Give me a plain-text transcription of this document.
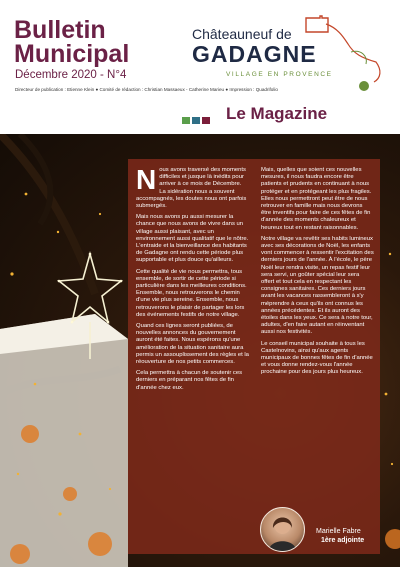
Bulletin
Municipal
Décembre 2020 - N°4
Directeur de publication : Etienne Klein ● Comité de rédaction : Christian Massaeux - Catherine Marieu ● Impression : Quadrifolio
Châteauneuf de
GADAGNE
VILLAGE EN PROVENCE
Le Magazine

Nous avons traversé des moments difficiles et jusque là inédits pour arriver à ce mois de Décembre. La sidération nous a souvent accompagnés, les doutes nous ont parfois submergés.

Mais nous avons pu aussi mesurer la chance que nous avons de vivre dans un village aussi plaisant, avec un environnement aussi qualitatif que le nôtre. L'entraide et la bienveillance des habitants de Gadagne ont rendu cette période plus supportable et plus douce qu'ailleurs.

Cette qualité de vie nous permettra, tous ensemble, de sortir de cette période si particulière dans les meilleures conditions. Ensemble, nous retrouverons le chemin d'une vie plus sereine. Ensemble, nous retrouverons le plaisir de partager les lors des événements festifs de notre village.

Quand ces lignes seront publiées, de nouvelles annonces du gouvernement auront été faites. Nous espérons qu'une amélioration de la situation sanitaire aura permis un assouplissement des règles et la réouverture de nos petits commerces.

Cela permettra à chacun de soutenir ces derniers en préparant nos fêtes de fin d'année chez eux.

Mais, quelles que soient ces nouvelles mesures, il nous faudra encore être patients et prudents en continuant à nous protéger et en protégeant les plus fragiles. Elles nous permettront peut être de nous retrouver en famille mais nous devrons être inventifs pour faire de ces fêtes de fin d'année des moments chaleureux et heureux tout en restant raisonnables.

Notre village va revêtir ses habits lumineux avec ses décorations de Noël, les enfants vont commencer à ressentir l'excitation des derniers jours de l'année. À l'école, le père Noël leur rendra visite, un repas festif leur sera servi, un goûter spécial leur sera offert et tout cela en respectant les consignes sanitaires. Ces derniers jours avant les vacances rassembleront à s'y méprendre à ceux qu'ils ont connus les années précédentes. Et ils auront des étoiles dans les yeux. Ce sera à notre tour, adultes, d'en faire autant en réinventant aussi nos festivités.

Le conseil municipal souhaite à tous les Castelnovins, ainsi qu'aux agents municipaux de bonnes fêtes de fin d'année et vous donne rendez-vous l'année prochaine pour des jours plus heureux.

Marielle Fabre
1ère adjointe
